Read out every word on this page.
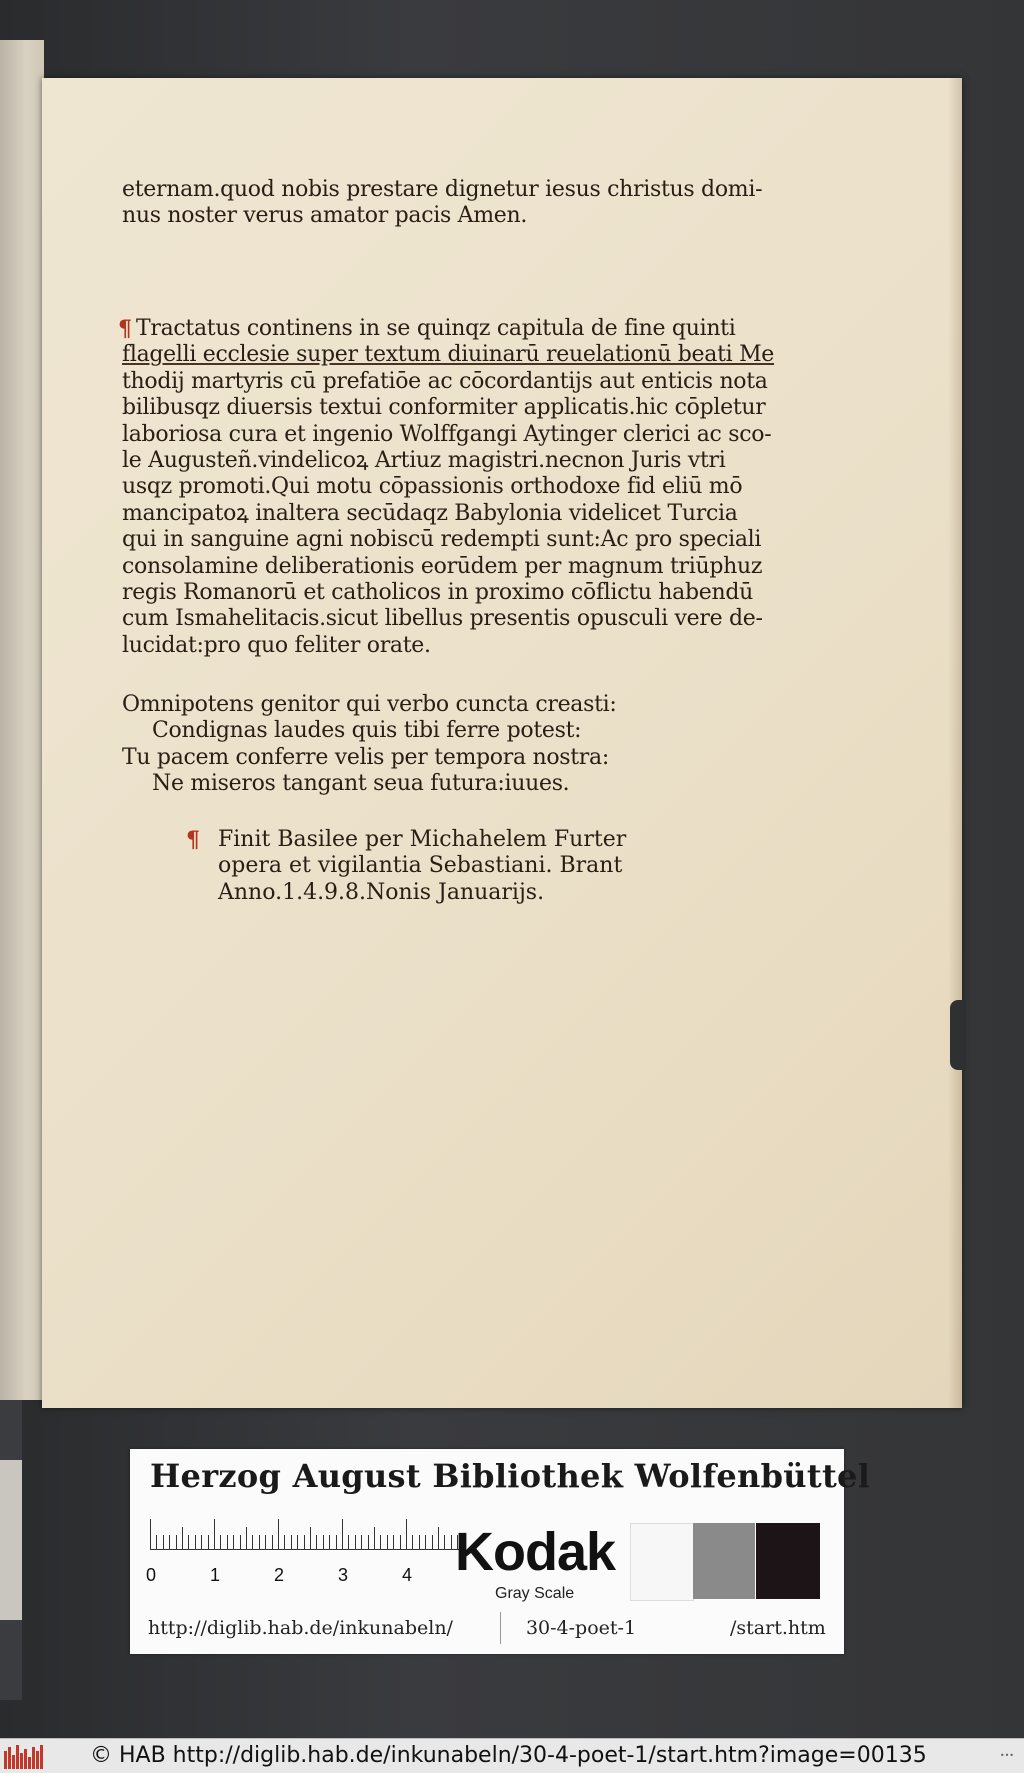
eternam.quod nobis prestare dignetur iesus christus domi-
nus noster verus amator pacis Amen.
¶ Tractatus continens in se quinqz capitula de fine quinti
flagelli ecclesie super textum diuinarū reuelationū beati Me
thodij martyris cū prefatiōe ac cōcordantijs aut enticis nota
bilibusqz diuersis textui conformiter applicatis.hic cōpletur
laboriosa cura et ingenio Wolffgangi Aytinger clerici ac sco-
le Augusteñ.vindelicoꝝ Artiuz magistri.necnon Juris vtri
usqz promoti.Qui motu cōpassionis orthodoxe fid eliū mō
mancipatoꝝ inaltera secūdaqz Babylonia videlicet Turcia
qui in sanguine agni nobiscū redempti sunt:Ac pro speciali
consolamine deliberationis eorūdem per magnum triūphuz
regis Romanorū et catholicos in proximo cōflictu habendū
cum Ismahelitacis.sicut libellus presentis opusculi vere de-
lucidat:pro quo feliter orate.
Omnipotens genitor qui verbo cuncta creasti:
Condignas laudes quis tibi ferre potest:
Tu pacem conferre velis per tempora nostra:
Ne miseros tangant seua futura:iuues.
¶ Finit Basilee per Michahelem Furter
opera et vigilantia Sebastiani. Brant
Anno.1.4.9.8.Nonis Januarijs.
Herzog August Bibliothek Wolfenbüttel
0	1	2	3	4 Kodak
Gray Scale
http://diglib.hab.de/inkunabeln/	30-4-poet-1	/start.htm
© HAB http://diglib.hab.de/inkunabeln/30-4-poet-1/start.htm?image=00135	•••
